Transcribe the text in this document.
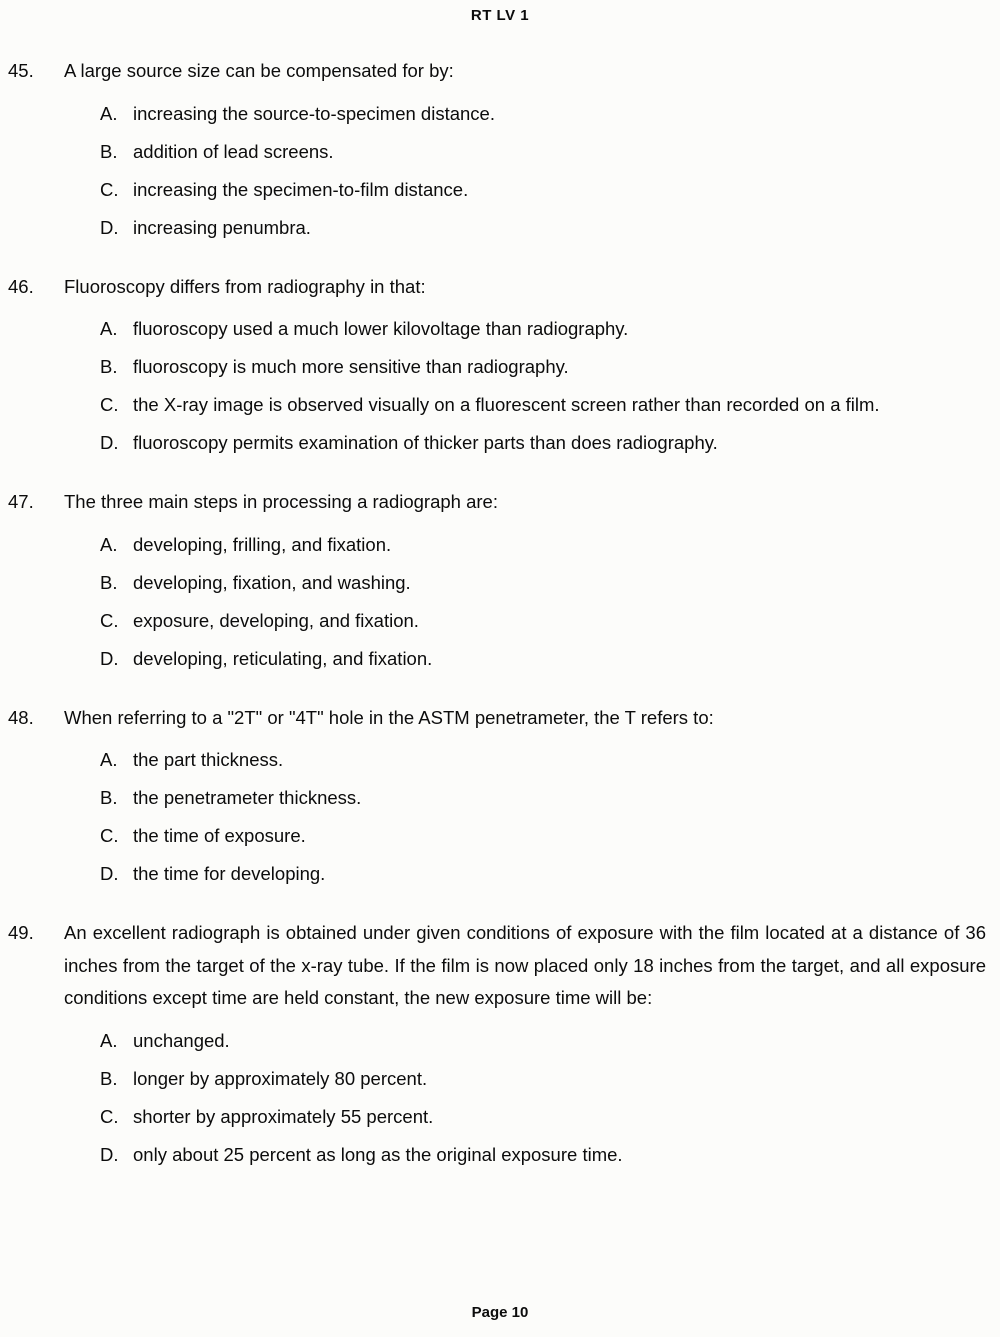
RT LV 1
45.	A large source size can be compensated for by:
A. increasing the source-to-specimen distance.
B. addition of lead screens.
C. increasing the specimen-to-film distance.
D. increasing penumbra.
46.	Fluoroscopy differs from radiography in that:
A. fluoroscopy used a much lower kilovoltage than radiography.
B. fluoroscopy is much more sensitive than radiography.
C. the X-ray image is observed visually on a fluorescent screen rather than recorded on a film.
D. fluoroscopy permits examination of thicker parts than does radiography.
47.	The three main steps in processing a radiograph are:
A. developing, frilling, and fixation.
B. developing, fixation, and washing.
C. exposure, developing, and fixation.
D. developing, reticulating, and fixation.
48.	When referring to a "2T" or "4T" hole in the ASTM penetrameter, the T refers to:
A. the part thickness.
B. the penetrameter thickness.
C. the time of exposure.
D. the time for developing.
49.	An excellent radiograph is obtained under given conditions of exposure with the film located at a distance of 36 inches from the target of the x-ray tube. If the film is now placed only 18 inches from the target, and all exposure conditions except time are held constant, the new exposure time will be:
A. unchanged.
B. longer by approximately 80 percent.
C. shorter by approximately 55 percent.
D. only about 25 percent as long as the original exposure time.
Page 10
